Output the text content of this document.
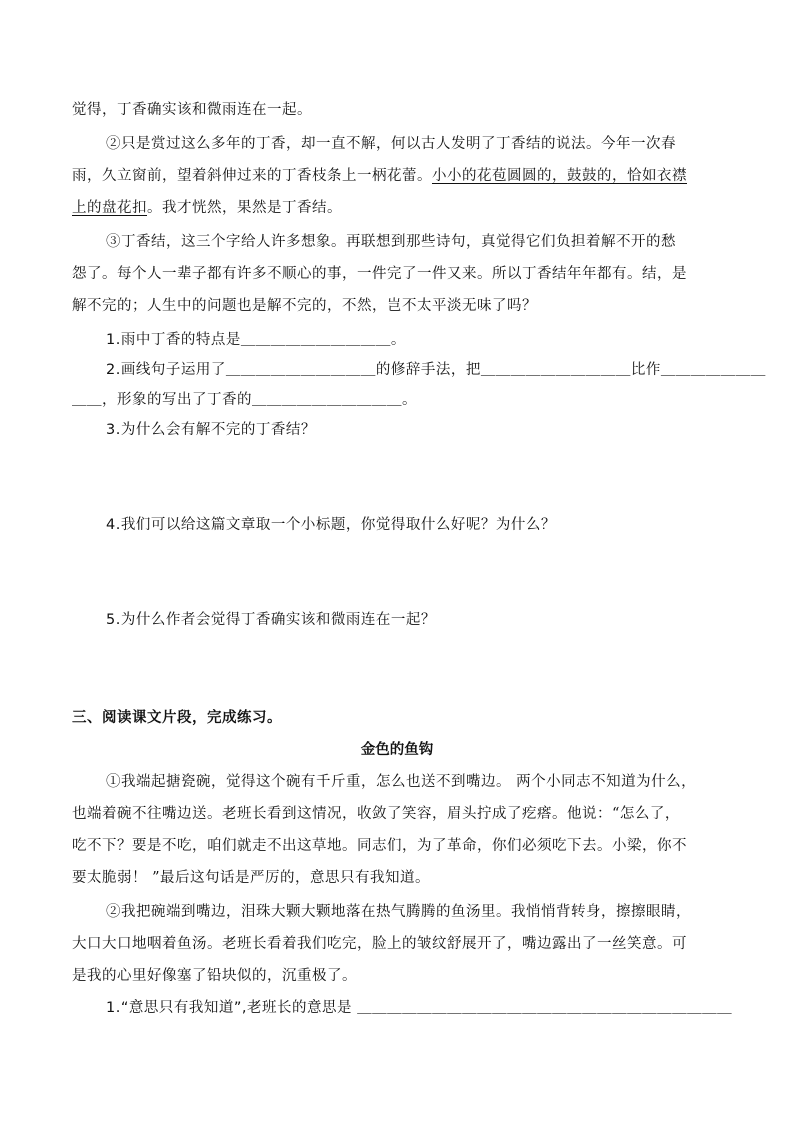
觉得，丁香确实该和微雨连在一起。
②只是赏过这么多年的丁香，却一直不解，何以古人发明了丁香结的说法。今年一次春
雨，久立窗前，望着斜伸过来的丁香枝条上一柄花蕾。小小的花苞圆圆的，鼓鼓的，恰如衣襟
上的盘花扣。我才恍然，果然是丁香结。
③丁香结，这三个字给人许多想象。再联想到那些诗句，真觉得它们负担着解不开的愁
怨了。每个人一辈子都有许多不顺心的事，一件完了一件又来。所以丁香结年年都有。结，是
解不完的；人生中的问题也是解不完的，不然，岂不太平淡无味了吗？
1.雨中丁香的特点是＿＿＿＿＿＿＿＿＿＿。
2.画线句子运用了＿＿＿＿＿＿＿＿＿＿的修辞手法，把＿＿＿＿＿＿＿＿＿＿比作＿＿＿＿＿＿＿
＿＿，形象的写出了丁香的＿＿＿＿＿＿＿＿＿＿。
3.为什么会有解不完的丁香结？
4.我们可以给这篇文章取一个小标题，你觉得取什么好呢？为什么？
5.为什么作者会觉得丁香确实该和微雨连在一起？
三、阅读课文片段，完成练习。
金色的鱼钩
①我端起搪瓷碗，觉得这个碗有千斤重，怎么也送不到嘴边。 两个小同志不知道为什么，
也端着碗不往嘴边送。老班长看到这情况，收敛了笑容，眉头拧成了疙瘩。他说：“怎么了，
吃不下？要是不吃，咱们就走不出这草地。同志们，为了革命，你们必须吃下去。小梁，你不
要太脆弱！ ”最后这句话是严厉的，意思只有我知道。
②我把碗端到嘴边，泪珠大颗大颗地落在热气腾腾的鱼汤里。我悄悄背转身，擦擦眼睛，
大口大口地咽着鱼汤。老班长看着我们吃完，脸上的皱纹舒展开了，嘴边露出了一丝笑意。可
是我的心里好像塞了铅块似的，沉重极了。
1.“意思只有我知道”,老班长的意思是 ＿＿＿＿＿＿＿＿＿＿＿＿＿＿＿＿＿＿＿＿＿＿＿＿＿
